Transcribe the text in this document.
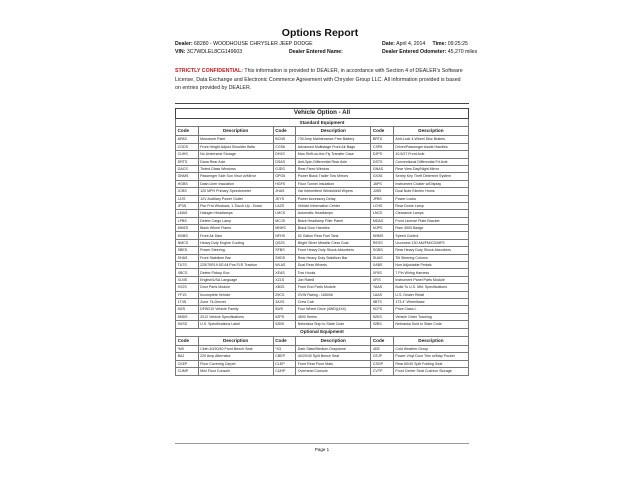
Options Report
Dealer: 68280 - WOODHOUSE CHRYSLER JEEP DODGE	Date: April 4, 2014 Time: 09:25:25
VIN: 3C7WDLEL8CG149603	Dealer Entered Name:	Dealer Entered Odometer: 45,270 miles
STRICTLY CONFIDENTIAL: This information is provided to DEALER, in accordance with Section 4 of DEALER's Software License, Data Exchange and Electronic Commerce Agreement with Chrysler Group LLC. All information provided is based on entries provided by DEALER.
Vehicle Option - All					
Standard Equipment					
Code	Description	Code	Description	Code	Description
APAS	Monotone Paint	BCNS	730 Amp Maintenance Free Battery	BRT6	Anti-Lock 4-Wheel Disc Brakes
CGDS	Front Height Adjust Shoulder Belts	CGS6	Advanced Multistage Front Air Bags	CSP6	Driver/Passenger Assist Handles
CUHS	No Underseat Storage	DH1S	Man Shift-on-the-Fly Transfer Case	DJPS	10.5/27 Front Axle
DRTS	Dana Rear Axle	DSAS	Anti-Spin Differential Rear Axle	DSTS	Conventional Differential Frt Axle
GACS	Tinted Glass Windows	GJDS	Rear Fixed Window	GNAS	Rear View Day/Night Mirror
GNMS	Passenger Side Sun Visor w/Mirror	GPG6	Power Black Trailer Tow Mirrors	GXX6	Sentry Key Theft Deterrent System
HGBS	Dash Liner Insulation	HGFS	Floor Tunnel Insulation	JAPS	Instrument Cluster w/Display
JCBS	120 MPH Primary Speedometer	JHAS	Var Intermittent Windshield Wipers	JJBS	Dual Note Electric Horns
JJJS	12V Auxiliary Power Outlet	JKYS	Power Accessory Delay	JPBS	Power Locks
JP3S	Pwr Frnt Windows, 1-Touch Up - Down	LAZS	Vehicle Information Center	LCHS	Rear Dome Lamp
LMAS	Halogen Headlamps	LMCS	Automatic Headlamps	LNCS	Clearance Lamps
LPBS	Delete Cargo Lamp	MCJS	Black Headlamp Filler Panel	MDAS	Front License Plate Bracket
MMZS	Black Wheel Flares	MNHS	Black Door Handles	MJPS	Ram 4500 Badge
MXBS	Front Air Dam	NFHS	52 Gallon Rear Fuel Tank	NHMS	Speed Control
NMCS	Heavy Duty Engine Cooling	QS2S	Bright Silver Metallic Clear Coat	RESS	Uconnect 130 AM/FM/CD/MP3
SBES	Power Steering	SFBS	Front Heavy Duty Shock Absorbers	SGBS	Rear Heavy Duty Shock Absorbers
SHAS	Front Stabilizer Bar	SHDS	Rear Heavy Duty Stabilizer Bar	SUAS	Tilt Steering Column
TU7S	225/70R19.5G All Pos FLR Traction	WLAS	Dual Rear Wheels	XABS	Non Adjustable Pedals
XBCS	Delete Pickup Box	XEAS	Tow Hooks	XF6S	7 Pin Wiring Harness
XLNS	English/USA Language	XZ1S	Job Rate8	XFIS	Instrument Panel Parts Module
XX2S	Door Parts Module	XB3S	Front End Parts Module	YAAS	Build To U.S. Mkt. Specifications
YF1S	Incomplete Vehicle	Z9CS	GVW Rating - 16500#	1AAS	U.S. Dealer Retail
1T4S	Zone 74-Denver	3AXS	Crew Cab	5BTS	173.4" Wheelbase
5IZS	DFW210 Vehicle Family	5WS	Four Wheel Drive (4WD)(4X4)	9CFS	Price Class L
5MDS	2012 Vehicle Specifications	5ZPS	4500 Series	5ZKS	Vehicle Order Tracking
9USS	U.S. Specifications Label	9ZBS	Nebraska Ship to State Code	9ZBS	Nebraska Sold to State Code
Optional Equipment					
Code	Description	Code	Description	Code	Description
*M0	Cloth 40/20/40 Front Bench Seat	*X3	Dark Slate/Medium Graystone	4DE	Cold Weather Group
BAJ	220 Amp Alternator	CBEP	40/20/40 Split Bench Seat	CEJP	Power Vinyl Door Trim w/Map Pocket
CKEP	Floor Covering Carpet	CLEP	Front Rear Floor Mats	CSGP	Rear 60/40 Split Folding Seat
CUMP	Mini Floor Console	CUHP	Overhead Console	CVTP	Front Center Seat Cushion Storage
Page 1
